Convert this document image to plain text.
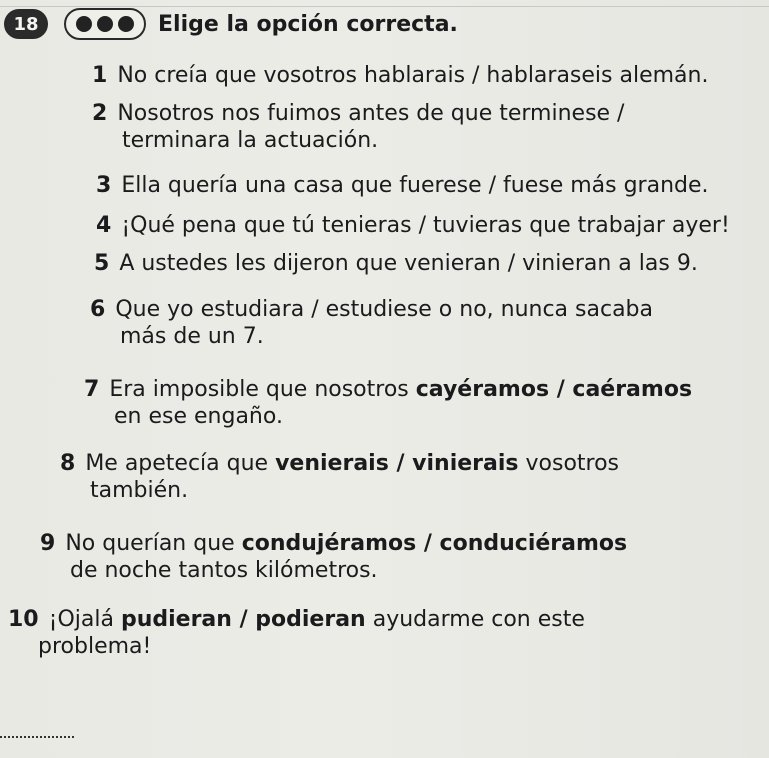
18	Elige la opción correcta.
1 No creía que vosotros hablarais / hablaraseis alemán.
2 Nosotros nos fuimos antes de que terminese /
terminara la actuación.
3 Ella quería una casa que fuerese / fuese más grande.
4 ¡Qué pena que tú tenieras / tuvieras que trabajar ayer!
5 A ustedes les dijeron que venieran / vinieran a las 9.
6 Que yo estudiara / estudiese o no, nunca sacaba
más de un 7.
7 Era imposible que nosotros cayéramos / caéramos
en ese engaño.
8 Me apetecía que venierais / vinierais vosotros
también.
9 No querían que condujéramos / conduciéramos
de noche tantos kilómetros.
10 ¡Ojalá pudieran / podieran ayudarme con este
problema!
